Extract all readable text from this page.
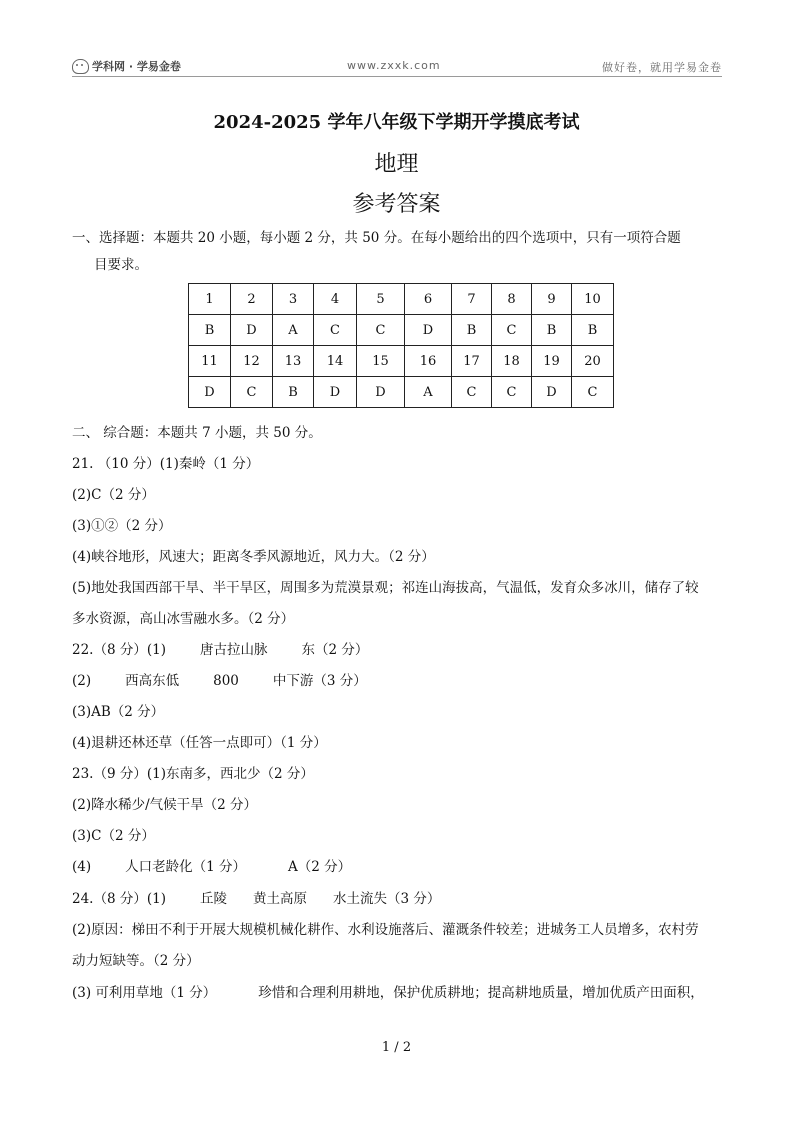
学科网 · 学易金卷	www.zxxk.com	做好卷，就用学易金卷
2024-2025 学年八年级下学期开学摸底考试
地理
参考答案
一、选择题：本题共 20 小题，每小题 2 分，共 50 分。在每小题给出的四个选项中，只有一项符合题
目要求。
1	2	3	4	5	6	7	8	9	10
B	D	A	C	C	D	B	C	B	B
11	12	13	14	15	16	17	18	19	20
D	C	B	D	D	A	C	C	D	C
二、 综合题：本题共 7 小题，共 50 分。
21. （10 分）(1)秦岭（1 分）
(2)C（2 分）
(3)①②（2 分）
(4)峡谷地形，风速大；距离冬季风源地近，风力大。（2 分）
(5)地处我国西部干旱、半干旱区，周围多为荒漠景观；祁连山海拔高，气温低，发育众多冰川，储存了较
多水资源，高山冰雪融水多。（2 分）
22.（8 分）(1)	唐古拉山脉	东（2 分）
(2)	西高东低	800	中下游（3 分）
(3)AB（2 分）
(4)退耕还林还草（任答一点即可）（1 分）
23.（9 分）(1)东南多，西北少（2 分）
(2)降水稀少/气候干旱（2 分）
(3)C（2 分）
(4)	人口老龄化（1 分）	A（2 分）
24.（8 分）(1)	丘陵 黄土高原 水土流失（3 分）
(2)原因：梯田不利于开展大规模机械化耕作、水利设施落后、灌溉条件较差；进城务工人员增多，农村劳
动力短缺等。（2 分）
(3) 可利用草地（1 分）	珍惜和合理利用耕地，保护优质耕地；提高耕地质量，增加优质产田面积，
1 / 2
